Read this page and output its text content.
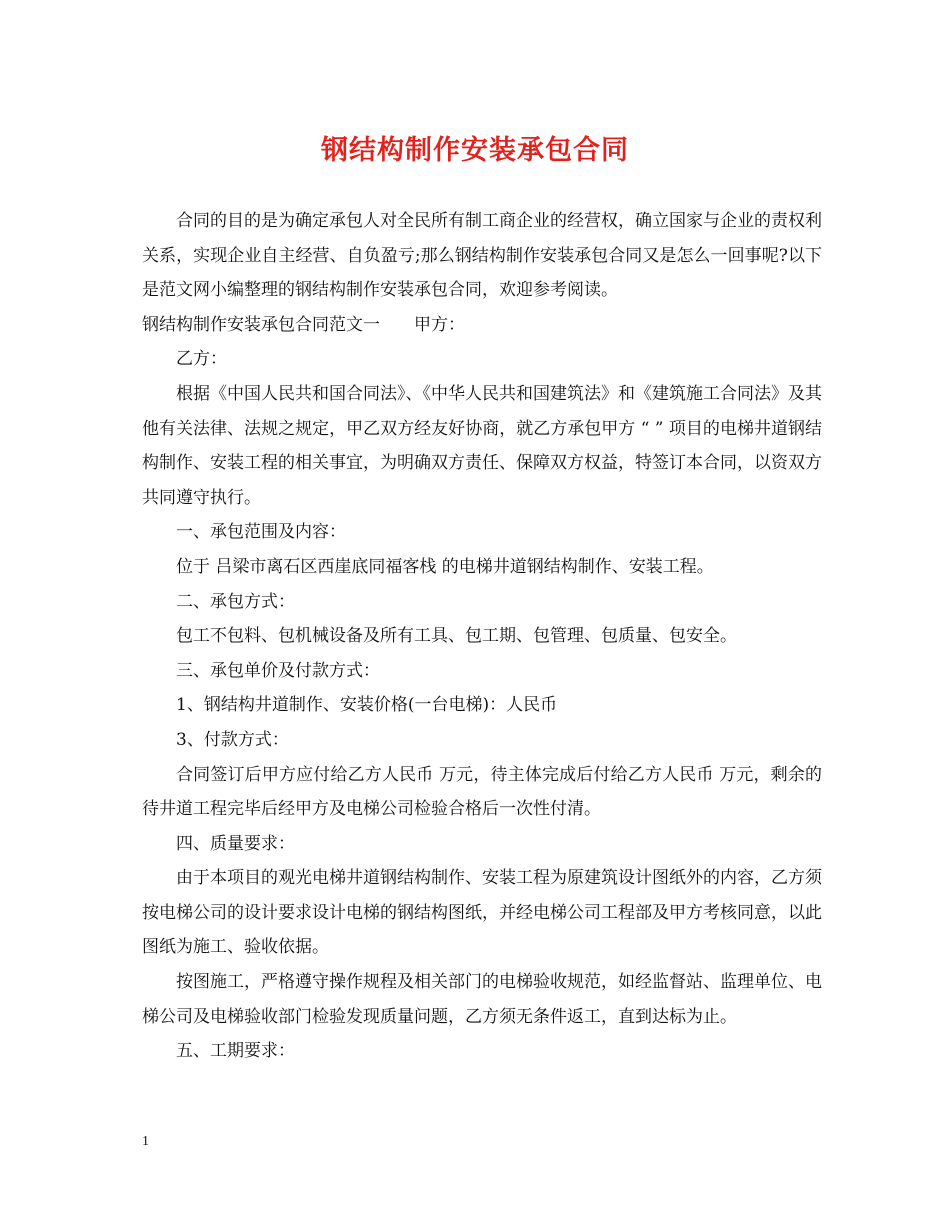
钢结构制作安装承包合同

合同的目的是为确定承包人对全民所有制工商企业的经营权，确立国家与企业的责权利关系，实现企业自主经营、自负盈亏;那么钢结构制作安装承包合同又是怎么一回事呢?以下是范文网小编整理的钢结构制作安装承包合同，欢迎参考阅读。

钢结构制作安装承包合同范文一　　甲方：

乙方：

根据《中国人民共和国合同法》、《中华人民共和国建筑法》和《建筑施工合同法》及其他有关法律、法规之规定，甲乙双方经友好协商，就乙方承包甲方 “ ” 项目的电梯井道钢结构制作、安装工程的相关事宜，为明确双方责任、保障双方权益，特签订本合同，以资双方共同遵守执行。

一、承包范围及内容：

位于 吕梁市离石区西崖底同福客栈 的电梯井道钢结构制作、安装工程。

二、承包方式：

包工不包料、包机械设备及所有工具、包工期、包管理、包质量、包安全。

三、承包单价及付款方式：

1、钢结构井道制作、安装价格(一台电梯)：人民币

3、付款方式：

合同签订后甲方应付给乙方人民币 万元，待主体完成后付给乙方人民币 万元，剩余的 待井道工程完毕后经甲方及电梯公司检验合格后一次性付清。

四、质量要求：

由于本项目的观光电梯井道钢结构制作、安装工程为原建筑设计图纸外的内容，乙方须按电梯公司的设计要求设计电梯的钢结构图纸，并经电梯公司工程部及甲方考核同意，以此图纸为施工、验收依据。

按图施工，严格遵守操作规程及相关部门的电梯验收规范，如经监督站、监理单位、电梯公司及电梯验收部门检验发现质量问题，乙方须无条件返工，直到达标为止。

五、工期要求：

1
